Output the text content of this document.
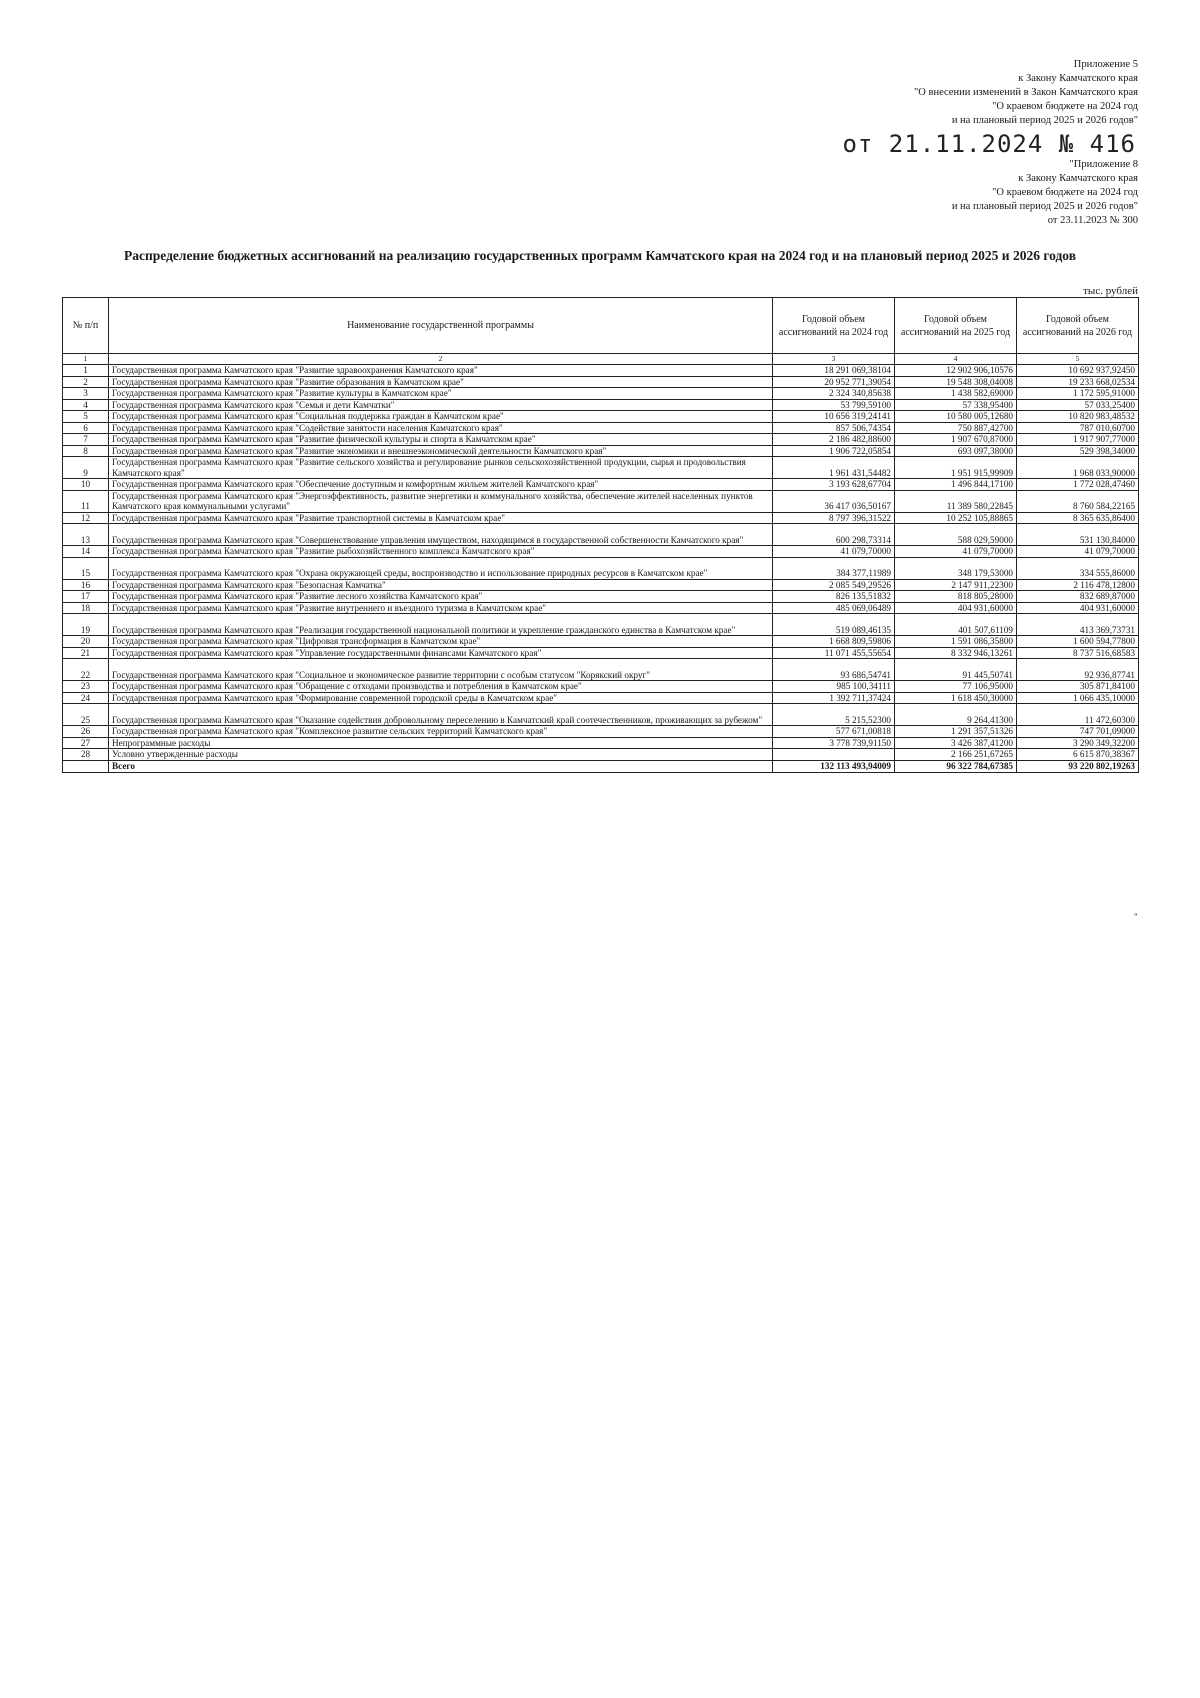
Приложение 5
к Закону Камчатского края
"О внесении изменений в Закон Камчатского края
"О краевом бюджете на 2024 год
и на плановый период 2025 и 2026 годов"
от 21.11.2024 № 416
"Приложение 8
к Закону Камчатского края
"О краевом бюджете на 2024 год
и на плановый период 2025 и 2026 годов"
от 23.11.2023 № 300
Распределение бюджетных ассигнований на реализацию государственных программ Камчатского края на 2024 год и на плановый период 2025 и 2026 годов
тыс. рублей
№ п/п	Наименование государственной программы	Годовой объем ассигнований на 2024 год	Годовой объем ассигнований на 2025 год	Годовой объем ассигнований на 2026 год
1	2	3	4	5
1	Государственная программа Камчатского края "Развитие здравоохранения Камчатского края"	18 291 069,38104	12 902 906,10576	10 692 937,92450
2	Государственная программа Камчатского края "Развитие образования в Камчатском крае"	20 952 771,39054	19 548 308,04008	19 233 668,02534
3	Государственная программа Камчатского края "Развитие культуры в Камчатском крае"	2 324 340,85638	1 438 582,69000	1 172 595,91000
4	Государственная программа Камчатского края "Семья и дети Камчатки"	53 799,59100	57 338,95400	57 033,25400
5	Государственная программа Камчатского края "Социальная поддержка граждан в Камчатском крае"	10 656 319,24141	10 580 005,12680	10 820 983,48532
6	Государственная программа Камчатского края "Содействие занятости населения Камчатского края"	857 506,74354	750 887,42700	787 010,60700
7	Государственная программа Камчатского края "Развитие физической культуры и спорта в Камчатском крае"	2 186 482,88600	1 907 670,87000	1 917 907,77000
8	Государственная программа Камчатского края "Развитие экономики и внешнеэкономической деятельности Камчатского края"	1 906 722,05854	693 097,38000	529 398,34000
9	Государственная программа Камчатского края "Развитие сельского хозяйства и регулирование рынков сельскохозяйственной продукции, сырья и продовольствия Камчатского края"	1 961 431,54482	1 951 915,99909	1 968 033,90000
10	Государственная программа Камчатского края "Обеспечение доступным и комфортным жильем жителей Камчатского края"	3 193 628,67704	1 496 844,17100	1 772 028,47460
11	Государственная программа Камчатского края "Энергоэффективность, развитие энергетики и коммунального хозяйства, обеспечение жителей населенных пунктов Камчатского края коммунальными услугами"	36 417 036,50167	11 389 580,22845	8 760 584,22165
12	Государственная программа Камчатского края "Развитие транспортной системы в Камчатском крае"	8 797 396,31522	10 252 105,88865	8 365 635,86400
13	Государственная программа Камчатского края "Совершенствование управления имуществом, находящимся в государственной собственности Камчатского края"	600 298,73314	588 029,59000	531 130,84000
14	Государственная программа Камчатского края "Развитие рыбохозяйственного комплекса Камчатского края"	41 079,70000	41 079,70000	41 079,70000
15	Государственная программа Камчатского края "Охрана окружающей среды, воспроизводство и использование природных ресурсов в Камчатском крае"	384 377,11989	348 179,53000	334 555,86000
16	Государственная программа Камчатского края "Безопасная Камчатка"	2 085 549,29526	2 147 911,22300	2 116 478,12800
17	Государственная программа Камчатского края "Развитие лесного хозяйства Камчатского края"	826 135,51832	818 805,28000	832 689,87000
18	Государственная программа Камчатского края "Развитие внутреннего и въездного туризма в Камчатском крае"	485 069,06489	404 931,60000	404 931,60000
19	Государственная программа Камчатского края "Реализация государственной национальной политики и укрепление гражданского единства в Камчатском крае"	519 089,46135	401 507,61109	413 369,73731
20	Государственная программа Камчатского края "Цифровая трансформация в Камчатском крае"	1 668 809,59806	1 591 086,35800	1 600 594,77800
21	Государственная программа Камчатского края "Управление государственными финансами Камчатского края"	11 071 455,55654	8 332 946,13261	8 737 516,68583
22	Государственная программа Камчатского края "Социальное и экономическое развитие территории с особым статусом "Корякский округ"	93 686,54741	91 445,50741	92 936,87741
23	Государственная программа Камчатского края "Обращение с отходами производства и потребления в Камчатском крае"	985 100,34111	77 106,95000	305 871,84100
24	Государственная программа Камчатского края "Формирование современной городской среды в Камчатском крае"	1 392 711,37424	1 618 450,30000	1 066 435,10000
25	Государственная программа Камчатского края "Оказание содействия добровольному переселению в Камчатский край соотечественников, проживающих за рубежом"	5 215,52300	9 264,41300	11 472,60300
26	Государственная программа Камчатского края "Комплексное развитие сельских территорий Камчатского края"	577 671,00818	1 291 357,51326	747 701,09000
27	Непрограммные расходы	3 778 739,91150	3 426 387,41200	3 290 349,32200
28	Условно утвержденные расходы		2 166 251,67265	6 615 870,38367
	Всего	132 113 493,94009	96 322 784,67385	93 220 802,19263
"
